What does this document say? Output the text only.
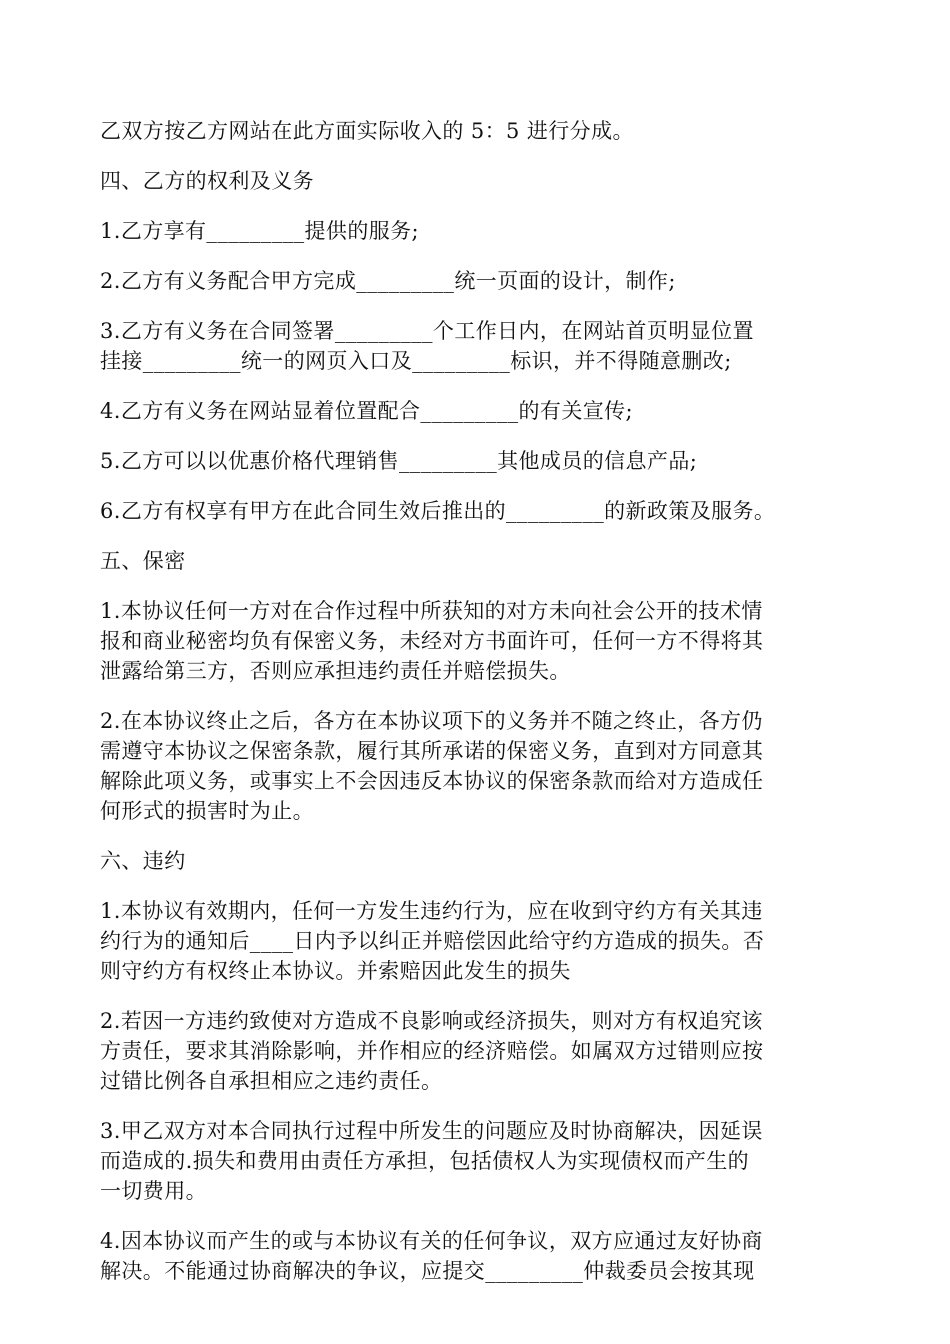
乙双方按乙方网站在此方面实际收入的 5：5 进行分成。

四、乙方的权利及义务

1.乙方享有_________提供的服务;

2.乙方有义务配合甲方完成_________统一页面的设计，制作;

3.乙方有义务在合同签署_________个工作日内，在网站首页明显位置
挂接_________统一的网页入口及_________标识，并不得随意删改;

4.乙方有义务在网站显着位置配合_________的有关宣传;

5.乙方可以以优惠价格代理销售_________其他成员的信息产品;

6.乙方有权享有甲方在此合同生效后推出的_________的新政策及服务。

五、保密

1.本协议任何一方对在合作过程中所获知的对方未向社会公开的技术情
报和商业秘密均负有保密义务，未经对方书面许可，任何一方不得将其
泄露给第三方，否则应承担违约责任并赔偿损失。

2.在本协议终止之后，各方在本协议项下的义务并不随之终止，各方仍
需遵守本协议之保密条款，履行其所承诺的保密义务，直到对方同意其
解除此项义务，或事实上不会因违反本协议的保密条款而给对方造成任
何形式的损害时为止。

六、违约

1.本协议有效期内，任何一方发生违约行为，应在收到守约方有关其违
约行为的通知后____日内予以纠正并赔偿因此给守约方造成的损失。否
则守约方有权终止本协议。并索赔因此发生的损失

2.若因一方违约致使对方造成不良影响或经济损失，则对方有权追究该
方责任，要求其消除影响，并作相应的经济赔偿。如属双方过错则应按
过错比例各自承担相应之违约责任。

3.甲乙双方对本合同执行过程中所发生的问题应及时协商解决，因延误
而造成的.损失和费用由责任方承担，包括债权人为实现债权而产生的
一切费用。

4.因本协议而产生的或与本协议有关的任何争议，双方应通过友好协商
解决。不能通过协商解决的争议，应提交_________仲裁委员会按其现
